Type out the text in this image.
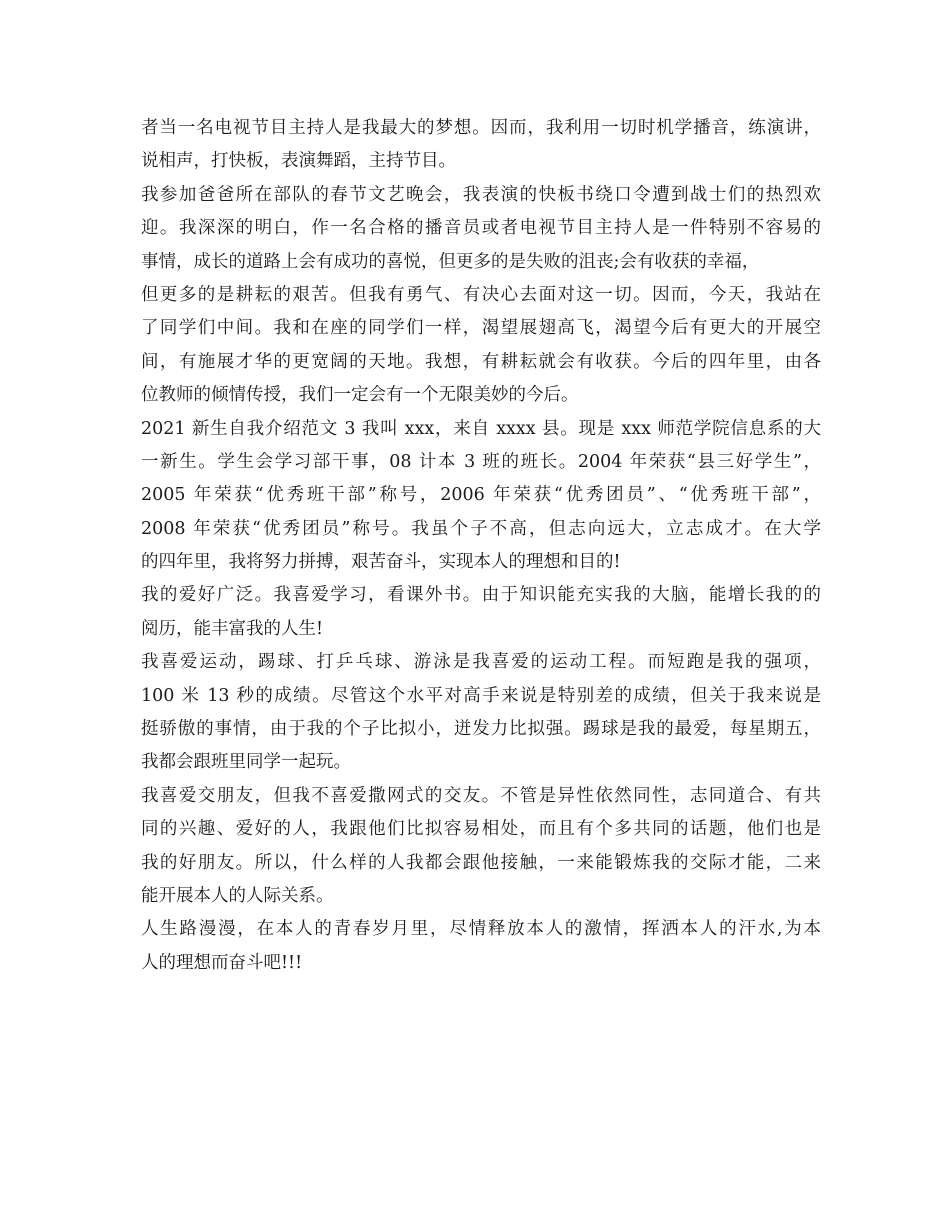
者当一名电视节目主持人是我最大的梦想。因而，我利用一切时机学播音，练演讲，
说相声，打快板，表演舞蹈，主持节目。
我参加爸爸所在部队的春节文艺晚会，我表演的快板书绕口令遭到战士们的热烈欢
迎。我深深的明白，作一名合格的播音员或者电视节目主持人是一件特别不容易的
事情，成长的道路上会有成功的喜悦，但更多的是失败的沮丧;会有收获的幸福，
但更多的是耕耘的艰苦。但我有勇气、有决心去面对这一切。因而，今天，我站在
了同学们中间。我和在座的同学们一样，渴望展翅高飞，渴望今后有更大的开展空
间，有施展才华的更宽阔的天地。我想，有耕耘就会有收获。今后的四年里，由各
位教师的倾情传授，我们一定会有一个无限美妙的今后。
2021 新生自我介绍范文 3 我叫 xxx，来自 xxxx 县。现是 xxx 师范学院信息系的大
一新生。学生会学习部干事，08 计本 3 班的班长。2004 年荣获“县三好学生”，
2005 年荣获“优秀班干部”称号，2006 年荣获“优秀团员”、“优秀班干部”，
2008 年荣获“优秀团员”称号。我虽个子不高，但志向远大，立志成才。在大学
的四年里，我将努力拼搏，艰苦奋斗，实现本人的理想和目的!
我的爱好广泛。我喜爱学习，看课外书。由于知识能充实我的大脑，能增长我的的
阅历，能丰富我的人生!
我喜爱运动，踢球、打乒乓球、游泳是我喜爱的运动工程。而短跑是我的强项，
100 米 13 秒的成绩。尽管这个水平对高手来说是特别差的成绩，但关于我来说是
挺骄傲的事情，由于我的个子比拟小，迸发力比拟强。踢球是我的最爱，每星期五，
我都会跟班里同学一起玩。
我喜爱交朋友，但我不喜爱撒网式的交友。不管是异性依然同性，志同道合、有共
同的兴趣、爱好的人，我跟他们比拟容易相处，而且有个多共同的话题，他们也是
我的好朋友。所以，什么样的人我都会跟他接触，一来能锻炼我的交际才能，二来
能开展本人的人际关系。
人生路漫漫，在本人的青春岁月里，尽情释放本人的激情，挥洒本人的汗水,为本
人的理想而奋斗吧!!!
